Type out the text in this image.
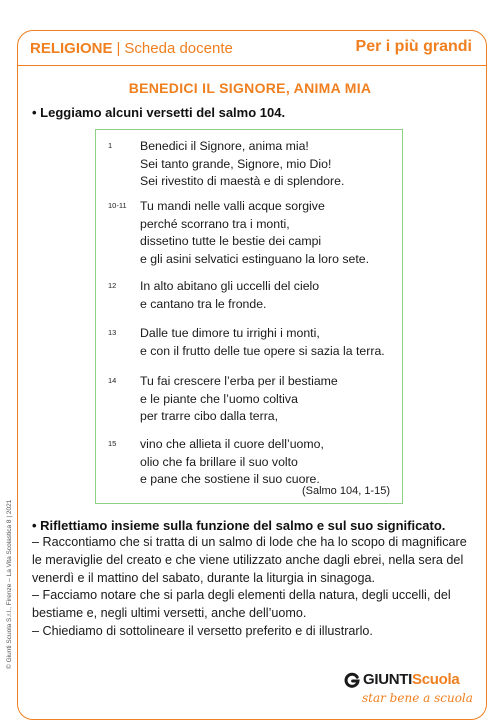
RELIGIONE | Scheda docente	Per i più grandi
BENEDICI IL SIGNORE, ANIMA MIA
• Leggiamo alcuni versetti del salmo 104.
1 Benedici il Signore, anima mia!
Sei tanto grande, Signore, mio Dio!
Sei rivestito di maestà e di splendore.
10-11 Tu mandi nelle valli acque sorgive
perché scorrano tra i monti,
dissetino tutte le bestie dei campi
e gli asini selvatici estinguano la loro sete.
12 In alto abitano gli uccelli del cielo
e cantano tra le fronde.
13 Dalle tue dimore tu irrighi i monti,
e con il frutto delle tue opere si sazia la terra.
14 Tu fai crescere l’erba per il bestiame
e le piante che l’uomo coltiva
per trarre cibo dalla terra,
15 vino che allieta il cuore dell’uomo,
olio che fa brillare il suo volto
e pane che sostiene il suo cuore.
(Salmo 104, 1-15)
• Riflettiamo insieme sulla funzione del salmo e sul suo significato.

– Raccontiamo che si tratta di un salmo di lode che ha lo scopo di magnificare le meraviglie del creato e che viene utilizzato anche dagli ebrei, nella sera del venerdì e il mattino del sabato, durante la liturgia in sinagoga.

– Facciamo notare che si parla degli elementi della natura, degli uccelli, del bestiame e, negli ultimi versetti, anche dell’uomo.

– Chiediamo di sottolineare il versetto preferito e di illustrarlo.

© Giunti Scuola S.r.l., Firenze – La Vita Scolastica 8 | 2021
GIUNTIScuola
star bene a scuola
